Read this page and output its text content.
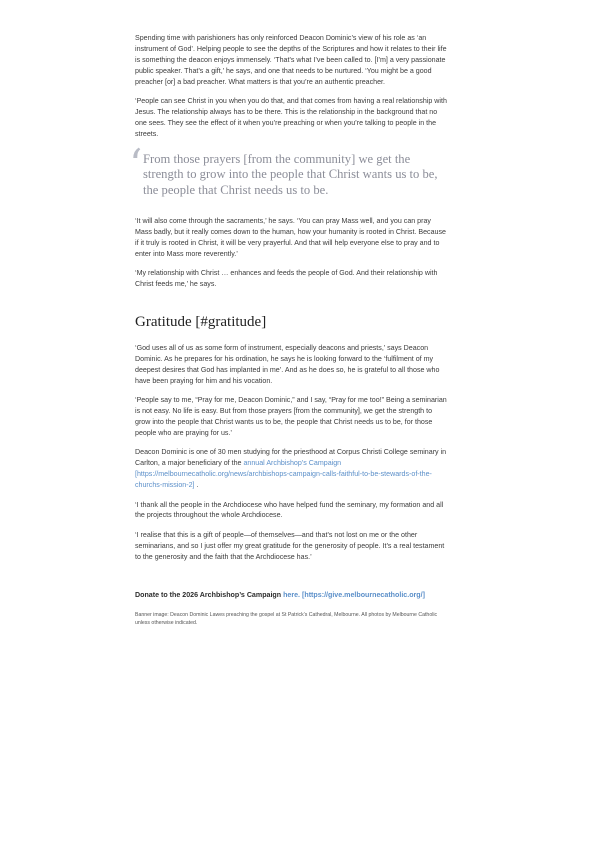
Spending time with parishioners has only reinforced Deacon Dominic’s view of his role as ‘an instrument of God’. Helping people to see the depths of the Scriptures and how it relates to their life is something the deacon enjoys immensely. ‘That’s what I’ve been called to. [I’m] a very passionate public speaker. That’s a gift,’ he says, and one that needs to be nurtured. ‘You might be a good preacher [or] a bad preacher. What matters is that you’re an authentic preacher.

‘People can see Christ in you when you do that, and that comes from having a real relationship with Jesus. The relationship always has to be there. This is the relationship in the background that no one sees. They see the effect of it when you’re preaching or when you’re talking to people in the streets.

‘ From those prayers [from the community] we get the strength to grow into the people that Christ wants us to be, the people that Christ needs us to be.

‘It will also come through the sacraments,’ he says. ‘You can pray Mass well, and you can pray Mass badly, but it really comes down to the human, how your humanity is rooted in Christ. Because if it truly is rooted in Christ, it will be very prayerful. And that will help everyone else to pray and to enter into Mass more reverently.’

‘My relationship with Christ … enhances and feeds the people of God. And their relationship with Christ feeds me,’ he says.

Gratitude [#gratitude]

‘God uses all of us as some form of instrument, especially deacons and priests,’ says Deacon Dominic. As he prepares for his ordination, he says he is looking forward to the ‘fulfilment of my deepest desires that God has implanted in me’. And as he does so, he is grateful to all those who have been praying for him and his vocation.

‘People say to me, “Pray for me, Deacon Dominic,” and I say, “Pray for me too!” Being a seminarian is not easy. No life is easy. But from those prayers [from the community], we get the strength to grow into the people that Christ wants us to be, the people that Christ needs us to be, for those people who are praying for us.’

Deacon Dominic is one of 30 men studying for the priesthood at Corpus Christi College seminary in Carlton, a major beneficiary of the annual Archbishop’s Campaign [https://melbournecatholic.org/news/archbishops-campaign-calls-faithful-to-be-stewards-of-the-churchs-mission-2] .

‘I thank all the people in the Archdiocese who have helped fund the seminary, my formation and all the projects throughout the whole Archdiocese.

‘I realise that this is a gift of people—of themselves—and that’s not lost on me or the other seminarians, and so I just offer my great gratitude for the generosity of people. It’s a real testament to the generosity and the faith that the Archdiocese has.’

Donate to the 2026 Archbishop’s Campaign here. [https://give.melbournecatholic.org/]
Banner image: Deacon Dominic Lawes preaching the gospel at St Patrick’s Cathedral, Melbourne. All photos by Melbourne Catholic unless otherwise indicated.
